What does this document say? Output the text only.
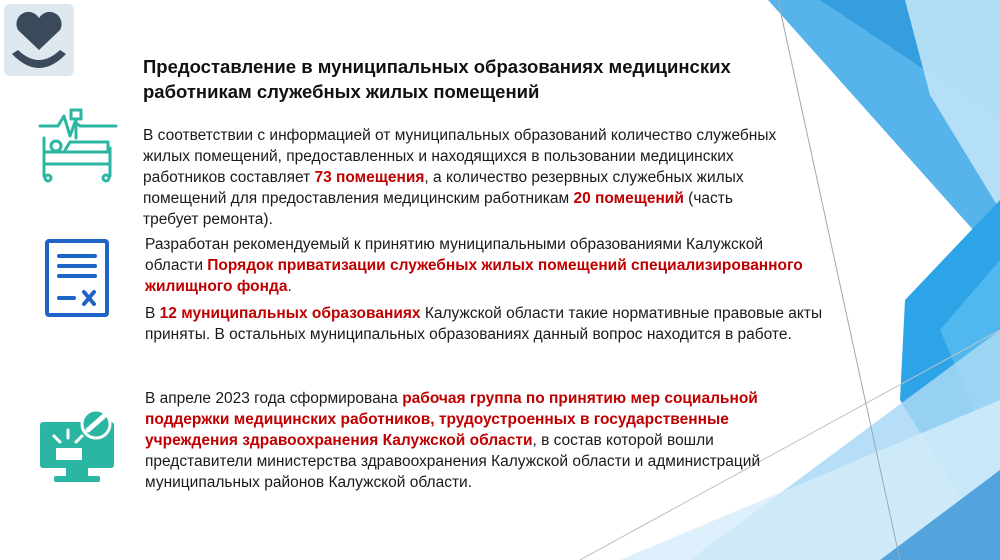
Предоставление в муниципальных образованиях медицинских работникам служебных жилых помещений

В соответствии с информацией от муниципальных образований количество служебных жилых помещений, предоставленных и находящихся в пользовании медицинских работников составляет 73 помещения, а количество резервных служебных жилых помещений для предоставления медицинским работникам 20 помещений (часть требует ремонта).

Разработан рекомендуемый к принятию муниципальными образованиями Калужской области Порядок приватизации служебных жилых помещений специализированного жилищного фонда.

В 12 муниципальных образованиях Калужской области такие нормативные правовые акты приняты. В остальных муниципальных образованиях данный вопрос находится в работе.

В апреле 2023 года сформирована рабочая группа по принятию мер социальной поддержки медицинских работников, трудоустроенных в государственные учреждения здравоохранения Калужской области, в состав которой вошли представители министерства здравоохранения Калужской области и администраций муниципальных районов Калужской области.
